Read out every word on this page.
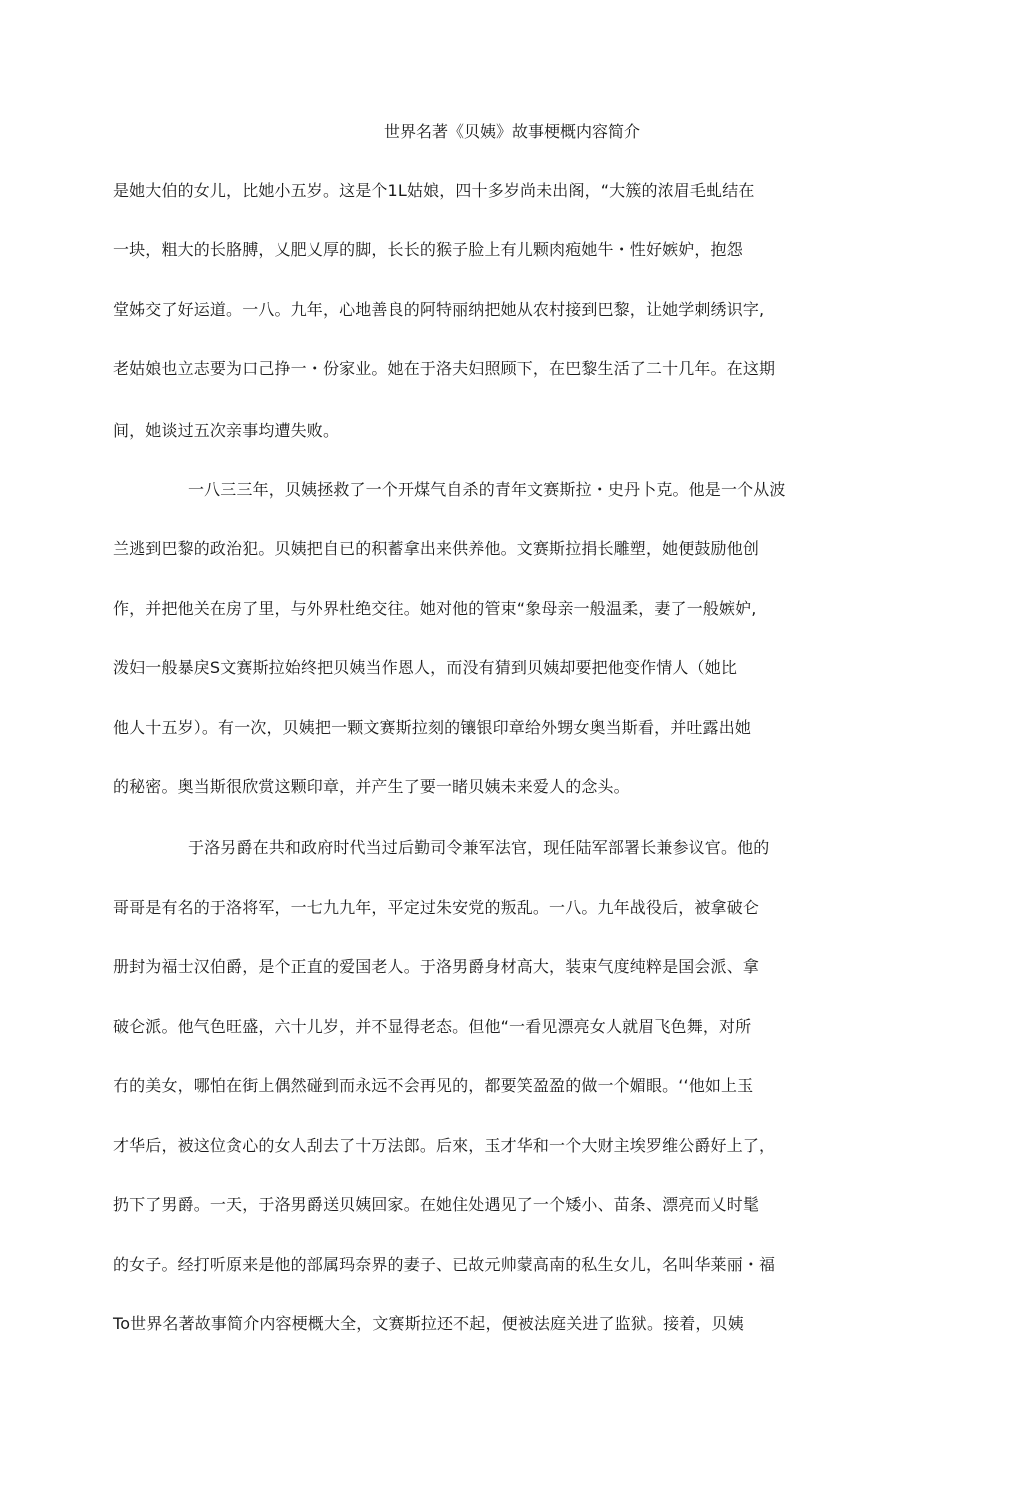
世界名著《贝姨》故事梗概内容简介
是她大伯的女儿，比她小五岁。这是个1L姑娘，四十多岁尚未出阁，“大簇的浓眉毛虬结在
一块，粗大的长胳膊，乂肥乂厚的脚，长长的猴子脸上有儿颗肉疱她牛・性好嫉妒，抱怨
堂姊交了好运道。一八。九年，心地善良的阿特丽纳把她从农村接到巴黎，让她学刺绣识字,
老姑娘也立志要为口己挣一・份家业。她在于洛夫妇照顾下，在巴黎生活了二十几年。在这期
间，她谈过五次亲事均遭失败。
一八三三年，贝姨拯救了一个开煤气自杀的青年文赛斯拉・史丹卜克。他是一个从波
兰逃到巴黎的政治犯。贝姨把自已的积蓄拿出来供养他。文赛斯拉捐长雕塑，她便鼓励他创
作，并把他关在房了里，与外界杜绝交往。她对他的管束“象母亲一般温柔，妻了一般嫉妒,
泼妇一般暴戾S文赛斯拉始终把贝姨当作恩人，而没有猜到贝姨却要把他变作情人（她比
他人十五岁）。有一次，贝姨把一颗文赛斯拉刻的镶银印章给外甥女奥当斯看，并吐露出她
的秘密。奥当斯很欣赏这颗印章，并产生了要一睹贝姨未来爱人的念头。
于洛另爵在共和政府时代当过后勤司令兼军法官，现任陆军部署长兼参议官。他的
哥哥是有名的于洛将军，一七九九年，平定过朱安党的叛乱。一八。九年战役后，被拿破仑
册封为福士汉伯爵，是个正直的爱国老人。于洛男爵身材高大，装束气度纯粹是国会派、拿
破仑派。他气色旺盛，六十儿岁，并不显得老态。但他“一看见漂亮女人就眉飞色舞，对所
冇的美女，哪怕在街上偶然碰到而永远不会再见的，都要笑盈盈的做一个媚眼。‘‘他如上玉
才华后，被这位贪心的女人刮去了十万法郎。后來，玉才华和一个大财主埃罗维公爵好上了，
扔下了男爵。一天，于洛男爵送贝姨回家。在她住处遇见了一个矮小、苗条、漂亮而乂时髦
的女子。经打听原来是他的部属玛奈界的妻子、已故元帅蒙高南的私生女儿，名叫华莱丽・福
To世界名著故事简介内容梗概大全，文赛斯拉还不起，便被法庭关进了监狱。接着，贝姨
